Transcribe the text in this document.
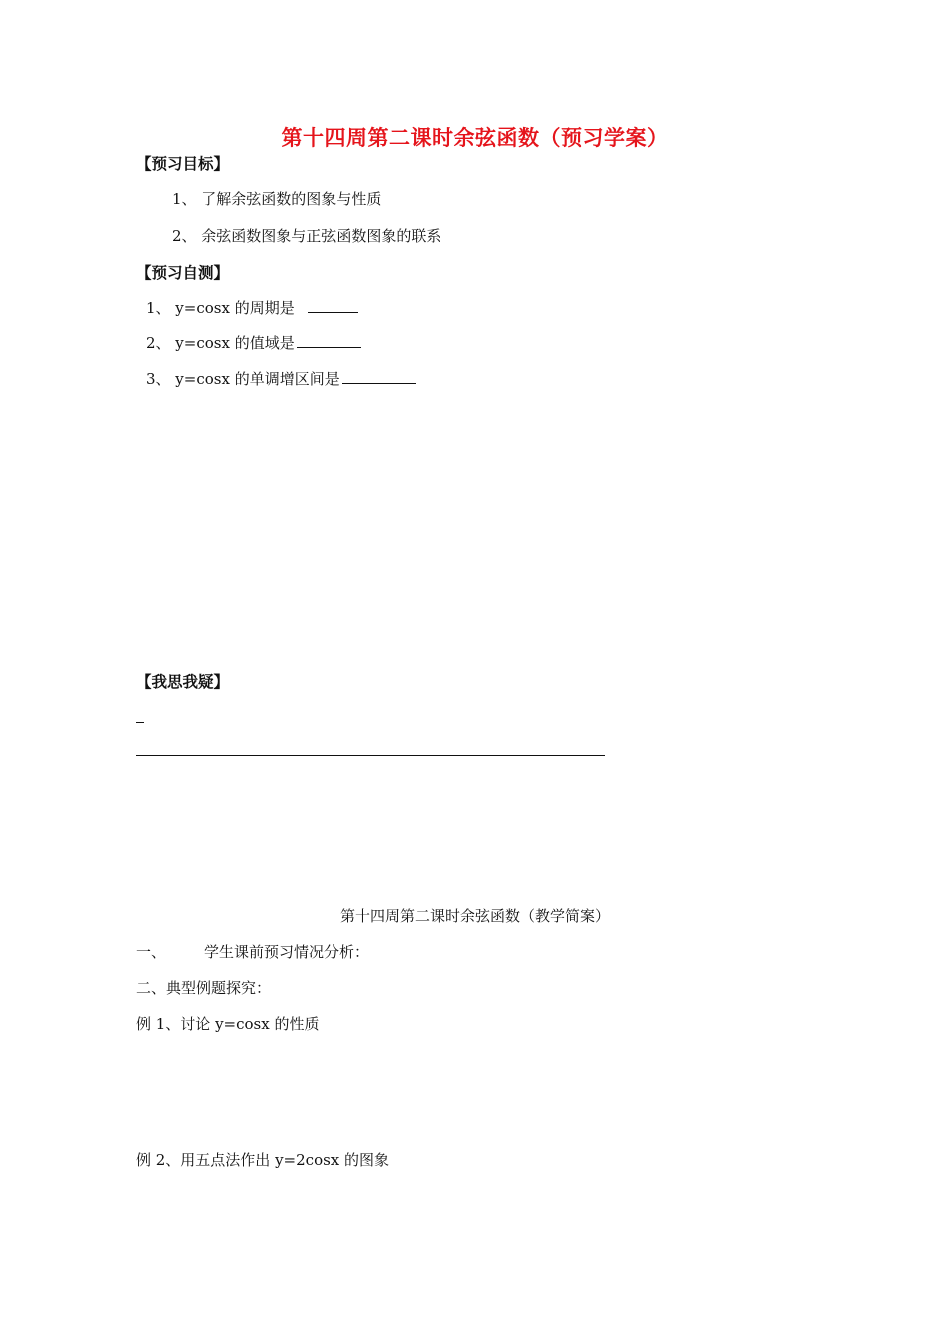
第十四周第二课时余弦函数（预习学案）
【预习目标】
1、 了解余弦函数的图象与性质
2、 余弦函数图象与正弦函数图象的联系
【预习自测】
1、 y=cosx 的周期是
2、 y=cosx 的值域是
3、 y=cosx 的单调增区间是
【我思我疑】
第十四周第二课时余弦函数（教学简案）
一、	学生课前预习情况分析：
二、典型例题探究：
例 1、讨论 y=cosx 的性质
例 2、用五点法作出 y=2cosx 的图象
